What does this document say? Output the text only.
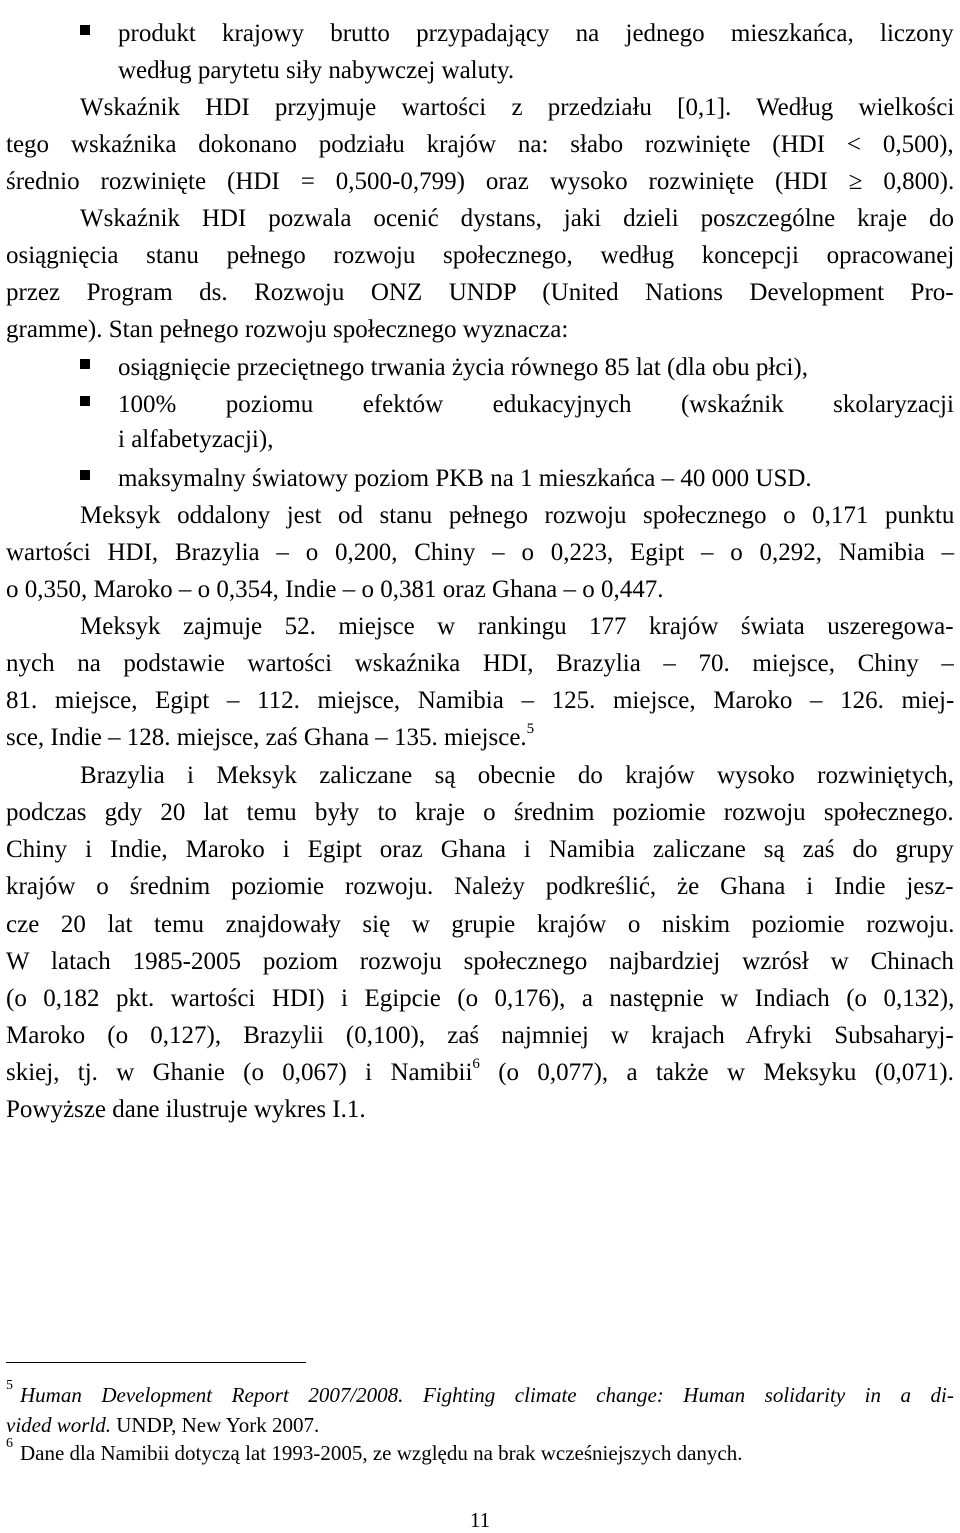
produkt krajowy brutto przypadający na jednego mieszkańca, liczony
według parytetu siły nabywczej waluty.
Wskaźnik HDI przyjmuje wartości z przedziału [0,1]. Według wielkości
tego wskaźnika dokonano podziału krajów na: słabo rozwinięte (HDI < 0,500),
średnio rozwinięte (HDI = 0,500-0,799) oraz wysoko rozwinięte (HDI ≥ 0,800).
Wskaźnik HDI pozwala ocenić dystans, jaki dzieli poszczególne kraje do
osiągnięcia stanu pełnego rozwoju społecznego, według koncepcji opracowanej
przez Program ds. Rozwoju ONZ UNDP (United Nations Development Pro-
gramme). Stan pełnego rozwoju społecznego wyznacza:
osiągnięcie przeciętnego trwania życia równego 85 lat (dla obu płci),
100% poziomu efektów edukacyjnych (wskaźnik skolaryzacji
i alfabetyzacji),
maksymalny światowy poziom PKB na 1 mieszkańca – 40 000 USD.
Meksyk oddalony jest od stanu pełnego rozwoju społecznego o 0,171 punktu
wartości HDI, Brazylia – o 0,200, Chiny – o 0,223, Egipt – o 0,292, Namibia –
o 0,350, Maroko – o 0,354, Indie – o 0,381 oraz Ghana – o 0,447.
Meksyk zajmuje 52. miejsce w rankingu 177 krajów świata uszeregowa-
nych na podstawie wartości wskaźnika HDI, Brazylia – 70. miejsce, Chiny –
81. miejsce, Egipt – 112. miejsce, Namibia – 125. miejsce, Maroko – 126. miej-
sce, Indie – 128. miejsce, zaś Ghana – 135. miejsce.$^5$
Brazylia i Meksyk zaliczane są obecnie do krajów wysoko rozwiniętych,
podczas gdy 20 lat temu były to kraje o średnim poziomie rozwoju społecznego.
Chiny i Indie, Maroko i Egipt oraz Ghana i Namibia zaliczane są zaś do grupy
krajów o średnim poziomie rozwoju. Należy podkreślić, że Ghana i Indie jesz-
cze 20 lat temu znajdowały się w grupie krajów o niskim poziomie rozwoju.
W latach 1985-2005 poziom rozwoju społecznego najbardziej wzrósł w Chinach
(o 0,182 pkt. wartości HDI) i Egipcie (o 0,176), a następnie w Indiach (o 0,132),
Maroko (o 0,127), Brazylii (0,100), zaś najmniej w krajach Afryki Subsaharyj-
skiej, tj. w Ghanie (o 0,067) i Namibii$^6$ (o 0,077), a także w Meksyku (0,071).
Powyższe dane ilustruje wykres I.1.
5 Human Development Report 2007/2008. Fighting climate change: Human solidarity in a di-
vided world. UNDP, New York 2007.
6 Dane dla Namibii dotyczą lat 1993-2005, ze względu na brak wcześniejszych danych.
11
